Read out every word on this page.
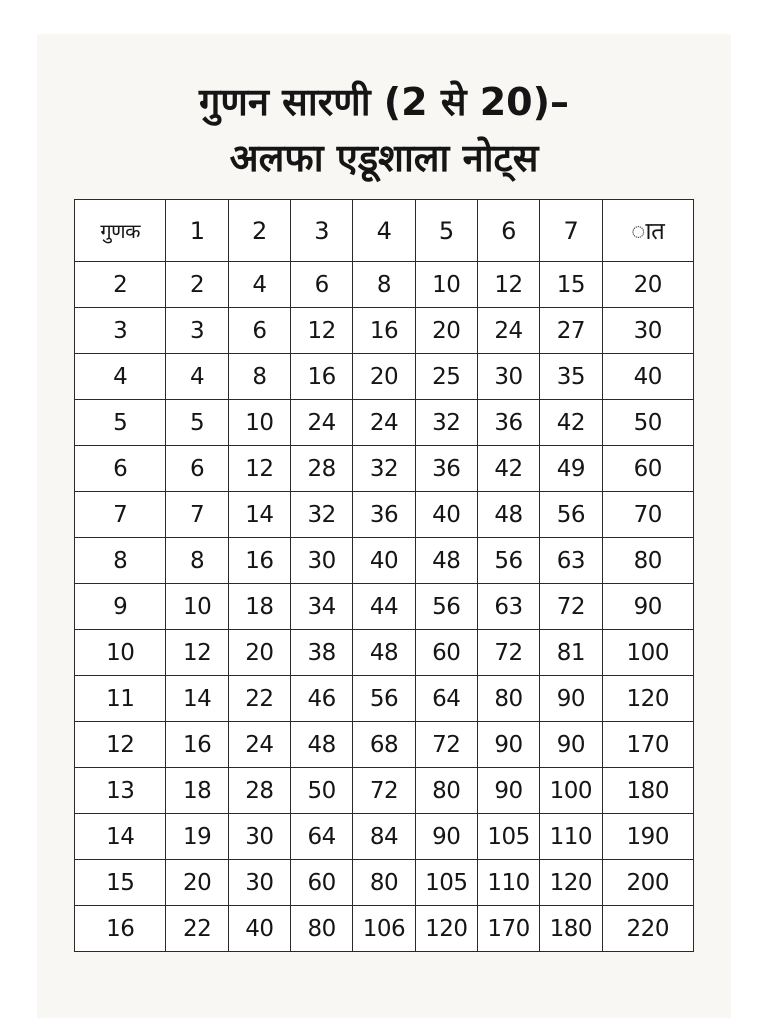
गुणन सारणी (2 से 20)–
अलफा एडूशाला नोट्स
गुणक	1	2	3	4	5	6	7	ात
2	2	4	6	8	10	12	15	20
3	3	6	12	16	20	24	27	30
4	4	8	16	20	25	30	35	40
5	5	10	24	24	32	36	42	50
6	6	12	28	32	36	42	49	60
7	7	14	32	36	40	48	56	70
8	8	16	30	40	48	56	63	80
9	10	18	34	44	56	63	72	90
10	12	20	38	48	60	72	81	100
11	14	22	46	56	64	80	90	120
12	16	24	48	68	72	90	90	170
13	18	28	50	72	80	90	100	180
14	19	30	64	84	90	105	110	190
15	20	30	60	80	105	110	120	200
16	22	40	80	106	120	170	180	220
